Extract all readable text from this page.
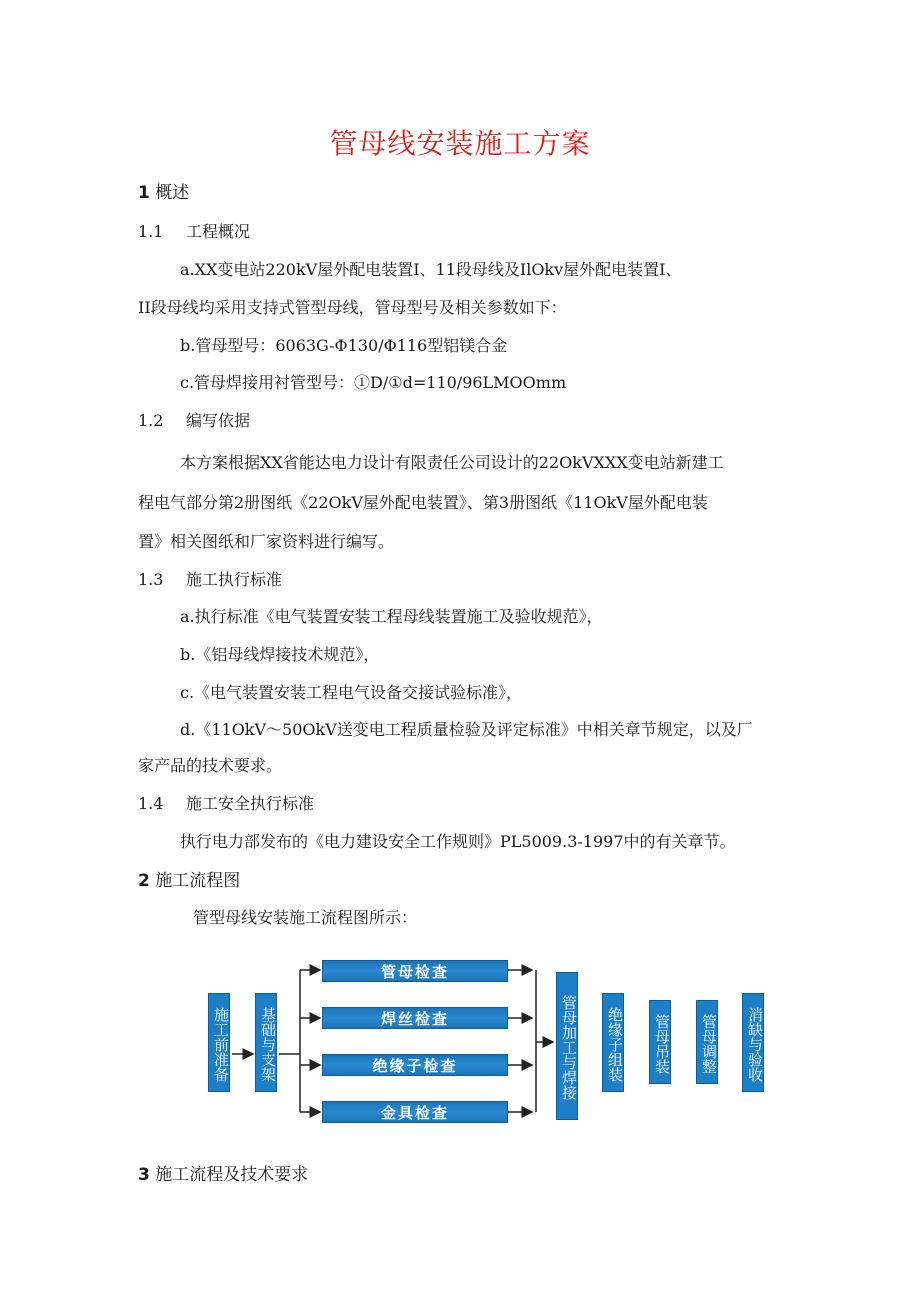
管母线安装施工方案
1 概述
1.1 工程概况
a.XX变电站220kV屋外配电装置I、11段母线及IlOkv屋外配电装置I、
II段母线均采用支持式管型母线，管母型号及相关参数如下：
b.管母型号：6063G-Φ130/Φ116型铝镁合金
c.管母焊接用衬管型号：①D/①d=110/96LMOOmm
1.2 编写依据
本方案根据XX省能达电力设计有限责任公司设计的22OkVXXX变电站新建工
程电气部分第2册图纸《22OkV屋外配电装置》、第3册图纸《11OkV屋外配电装
置》相关图纸和厂家资料进行编写。
1.3 施工执行标准
a.执行标准《电气装置安装工程母线装置施工及验收规范》，
b.《铝母线焊接技术规范》，
c.《电气装置安装工程电气设备交接试验标准》，
d.《11OkV～50OkV送变电工程质量检验及评定标准》中相关章节规定，以及厂
家产品的技术要求。
1.4 施工安全执行标准
执行电力部发布的《电力建设安全工作规则》PL5009.3-1997中的有关章节。
2 施工流程图
管型母线安装施工流程图所示：
施工前准备 基础与支架
管母检查
焊丝检查
绝缘子检查
金具检查
管母加工与焊接 绝缘子组装 管母吊装 管母调整 消缺与验收
3 施工流程及技术要求
